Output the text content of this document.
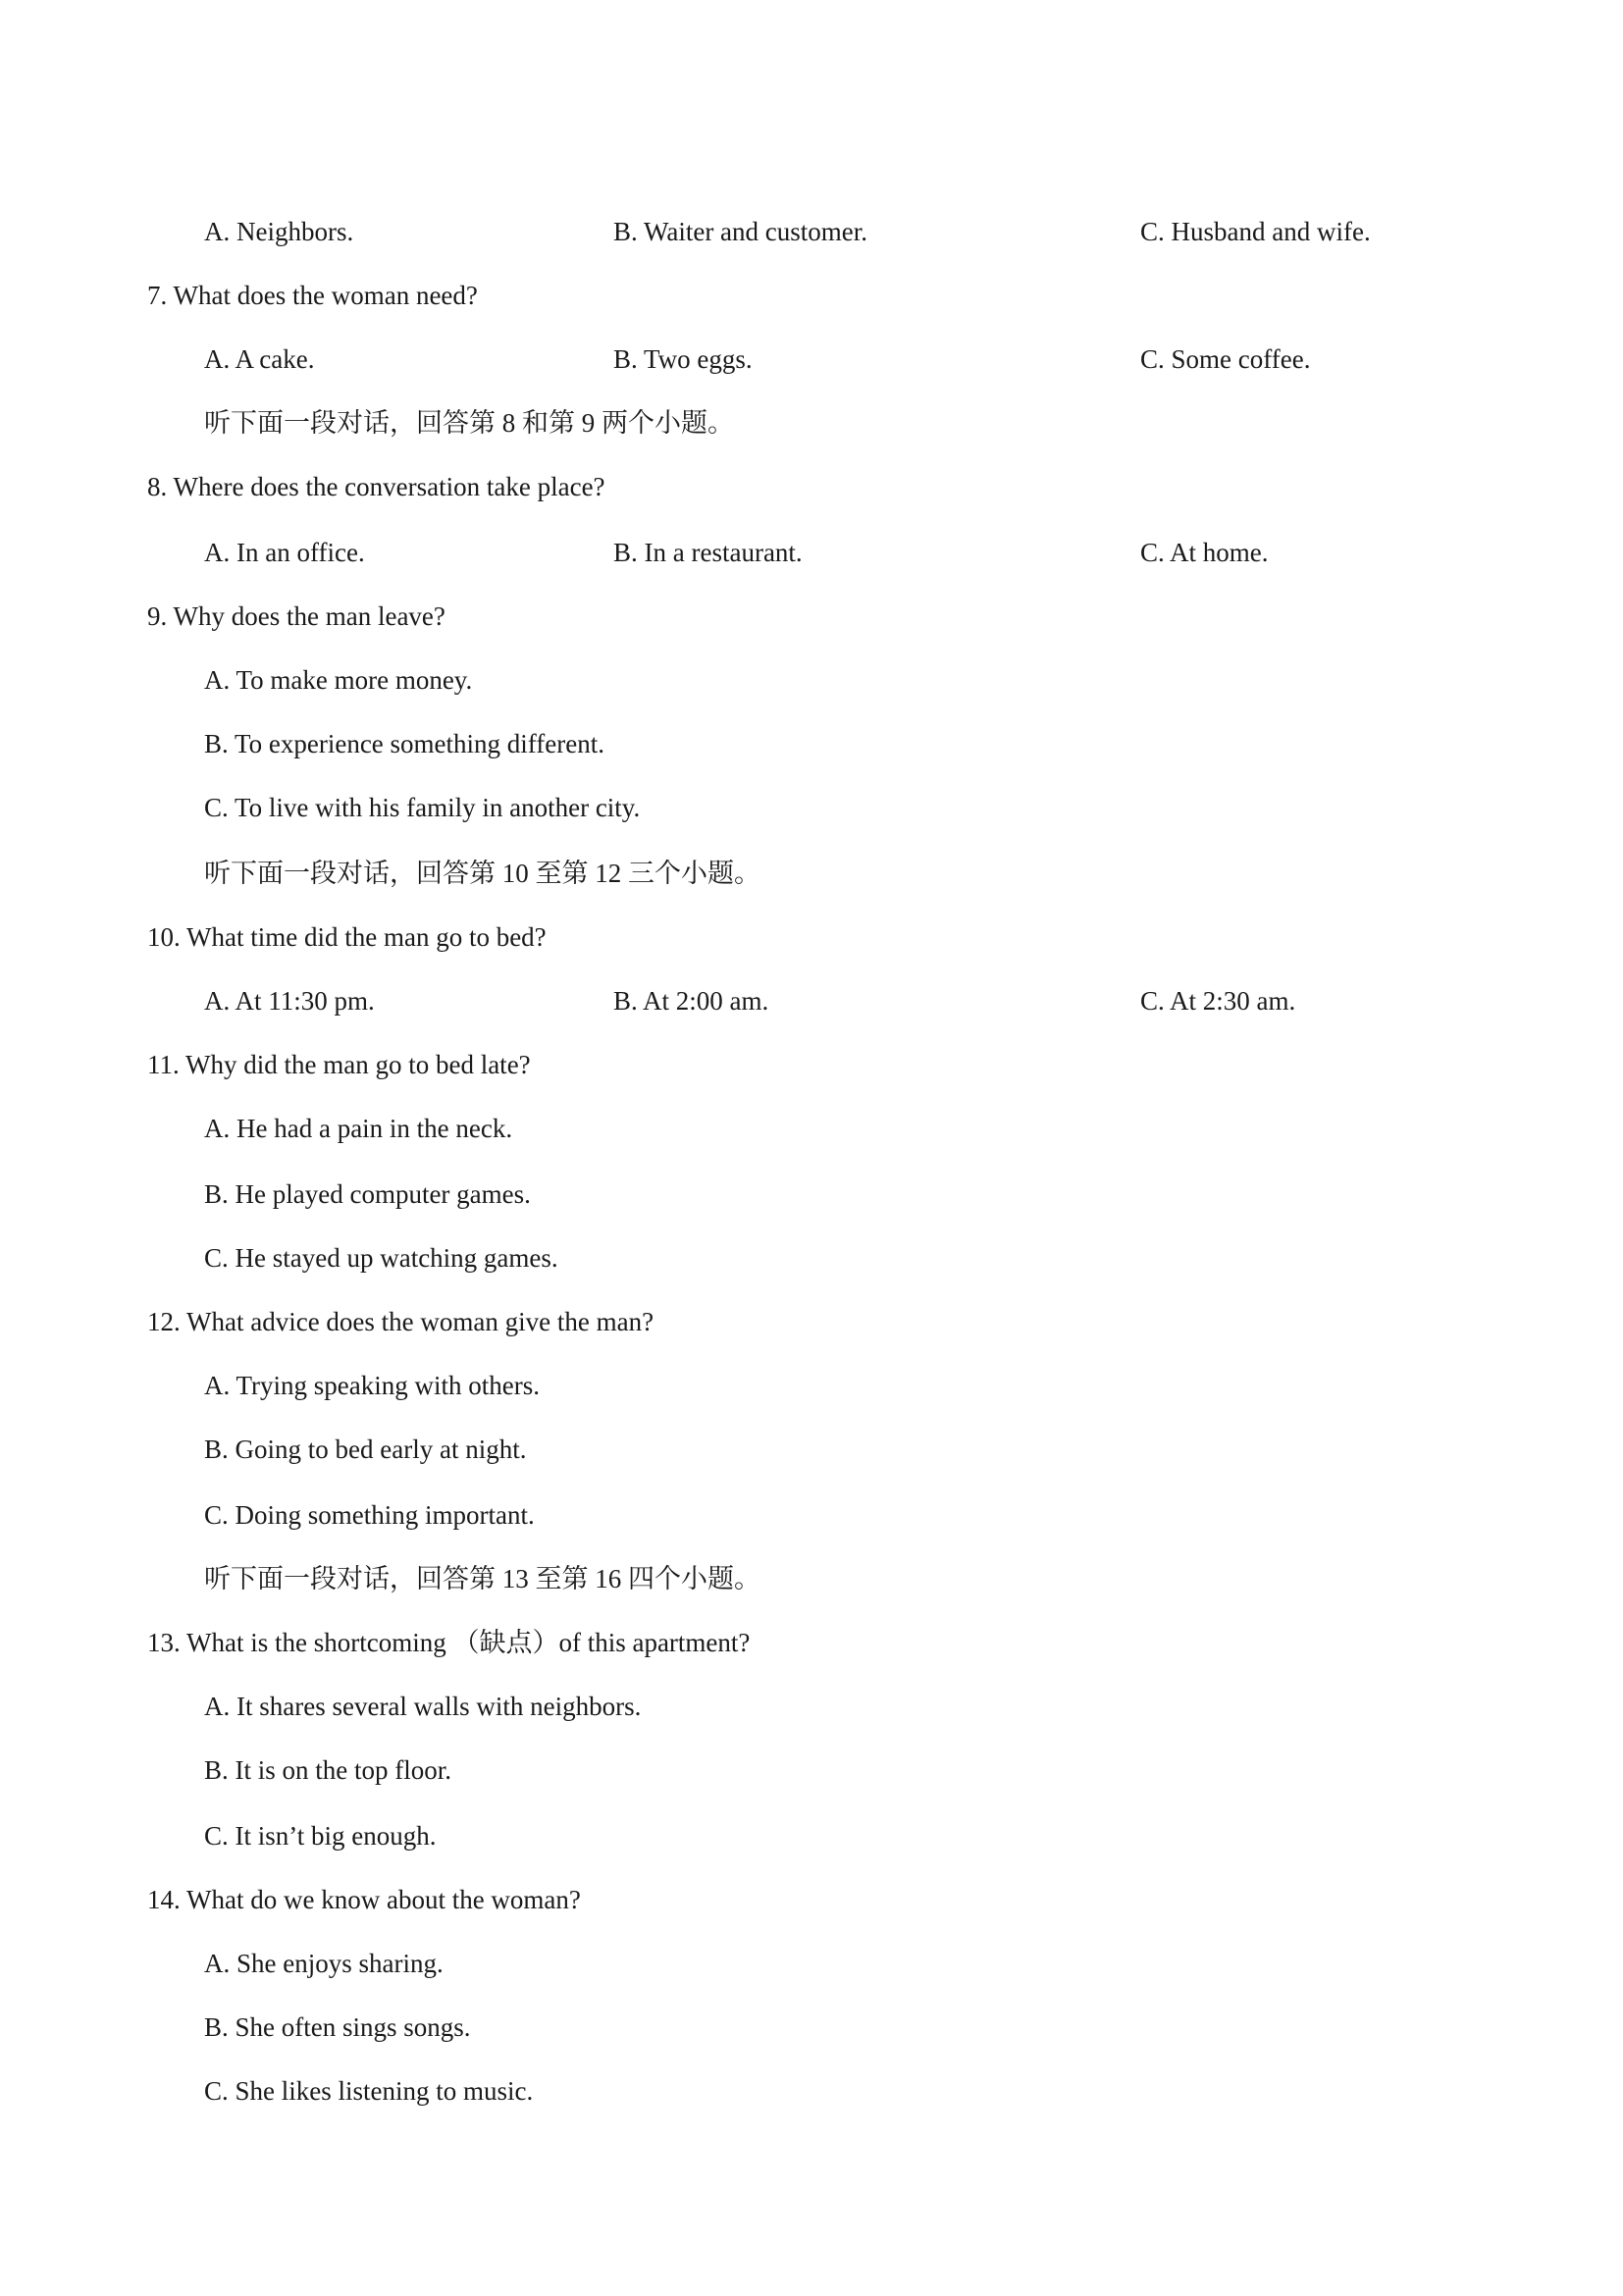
A. Neighbors.	B. Waiter and customer.	C. Husband and wife.
7. What does the woman need?
A. A cake.	B. Two eggs.	C. Some coffee.
听下面一段对话，回答第 8 和第 9 两个小题。
8. Where does the conversation take place?
A. In an office.	B. In a restaurant.	C. At home.
9. Why does the man leave?
A. To make more money.
B. To experience something different.
C. To live with his family in another city.
听下面一段对话，回答第 10 至第 12 三个小题。
10. What time did the man go to bed?
A. At 11:30 pm.	B. At 2:00 am.	C. At 2:30 am.
11. Why did the man go to bed late?
A. He had a pain in the neck.
B. He played computer games.
C. He stayed up watching games.
12. What advice does the woman give the man?
A. Trying speaking with others.
B. Going to bed early at night.
C. Doing something important.
听下面一段对话，回答第 13 至第 16 四个小题。
13. What is the shortcoming （缺点）of this apartment?
A. It shares several walls with neighbors.
B. It is on the top floor.
C. It isn’t big enough.
14. What do we know about the woman?
A. She enjoys sharing.
B. She often sings songs.
C. She likes listening to music.
